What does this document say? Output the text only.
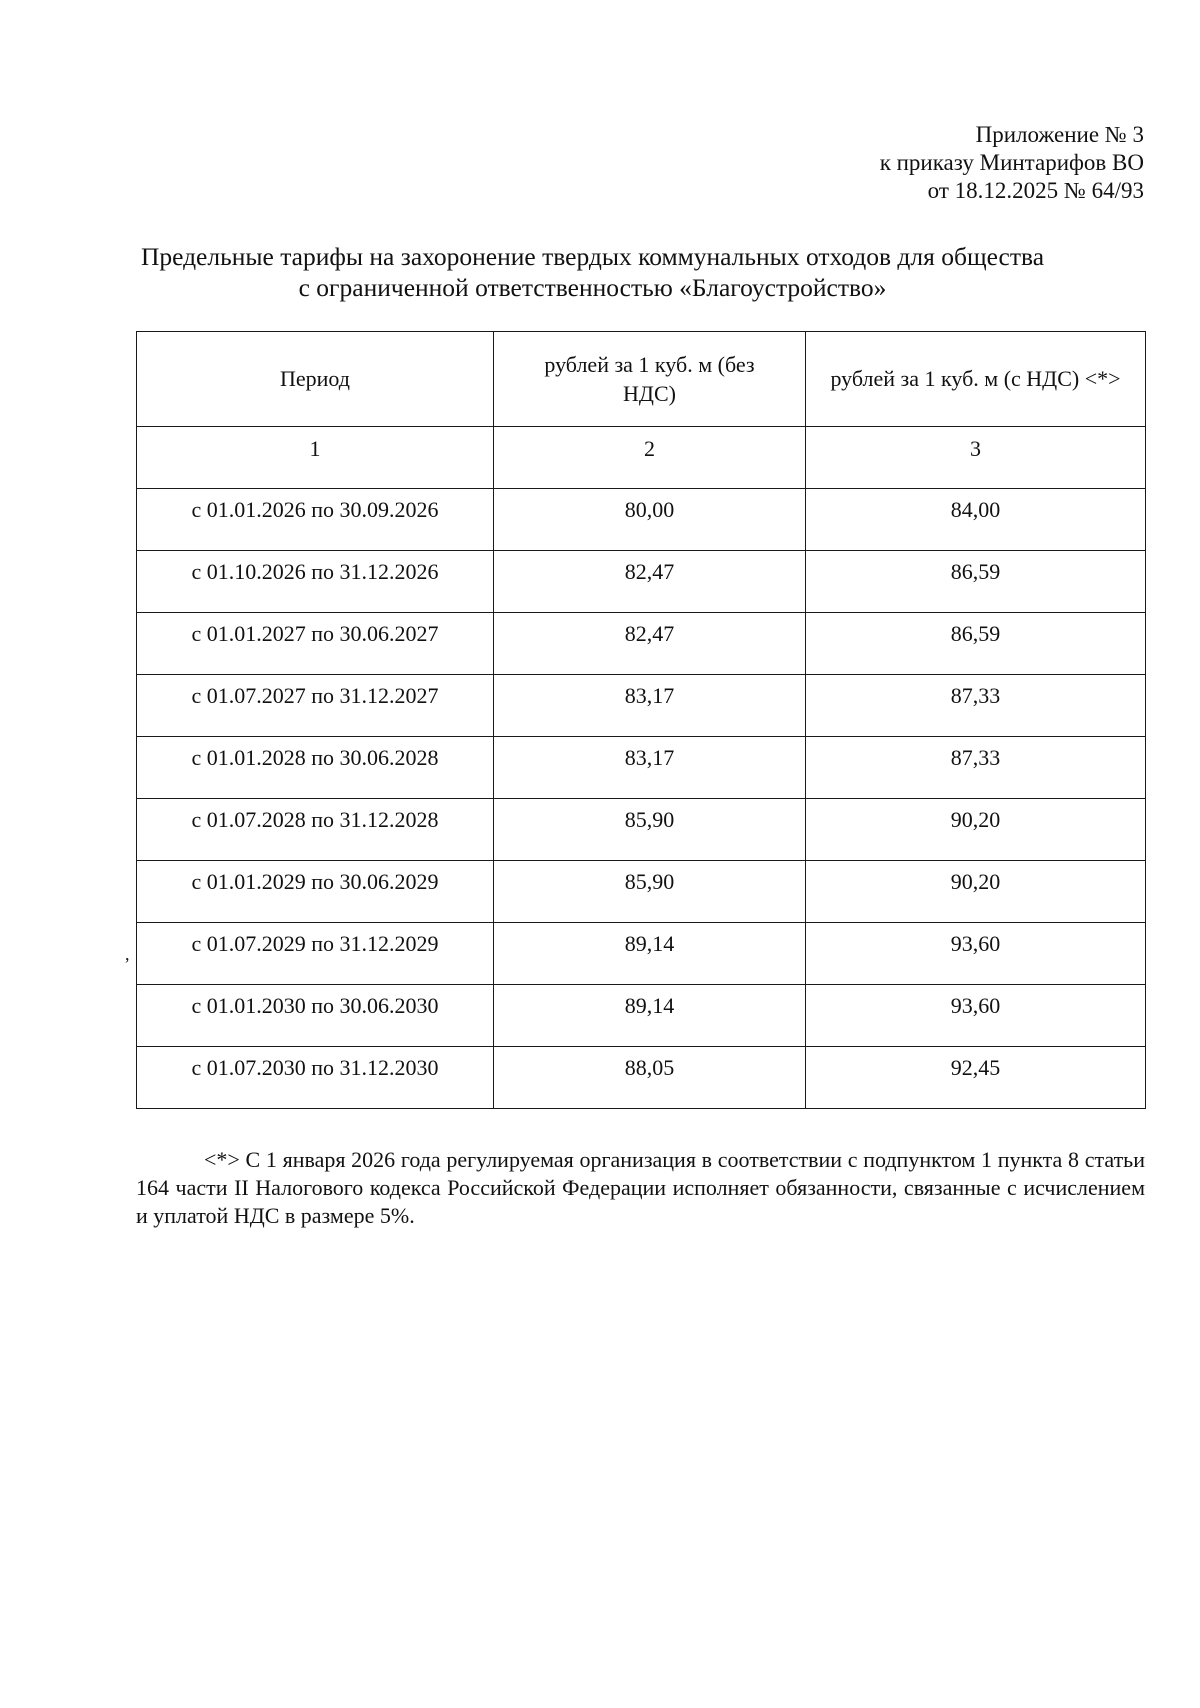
Приложение № 3
к приказу Минтарифов ВО
от 18.12.2025 № 64/93
Предельные тарифы на захоронение твердых коммунальных отходов для общества
с ограниченной ответственностью «Благоустройство»
Период	рублей за 1 куб. м (без НДС)	рублей за 1 куб. м (с НДС) <*>
1	2	3
с 01.01.2026 по 30.09.2026	80,00	84,00
с 01.10.2026 по 31.12.2026	82,47	86,59
с 01.01.2027 по 30.06.2027	82,47	86,59
с 01.07.2027 по 31.12.2027	83,17	87,33
с 01.01.2028 по 30.06.2028	83,17	87,33
с 01.07.2028 по 31.12.2028	85,90	90,20
с 01.01.2029 по 30.06.2029	85,90	90,20
с 01.07.2029 по 31.12.2029	89,14	93,60
с 01.01.2030 по 30.06.2030	89,14	93,60
с 01.07.2030 по 31.12.2030	88,05	92,45
,
<*> С 1 января 2026 года регулируемая организация в соответствии с подпунктом 1 пункта 8 статьи 164 части II Налогового кодекса Российской Федерации исполняет обязанности, связанные с исчислением и уплатой НДС в размере 5%.
